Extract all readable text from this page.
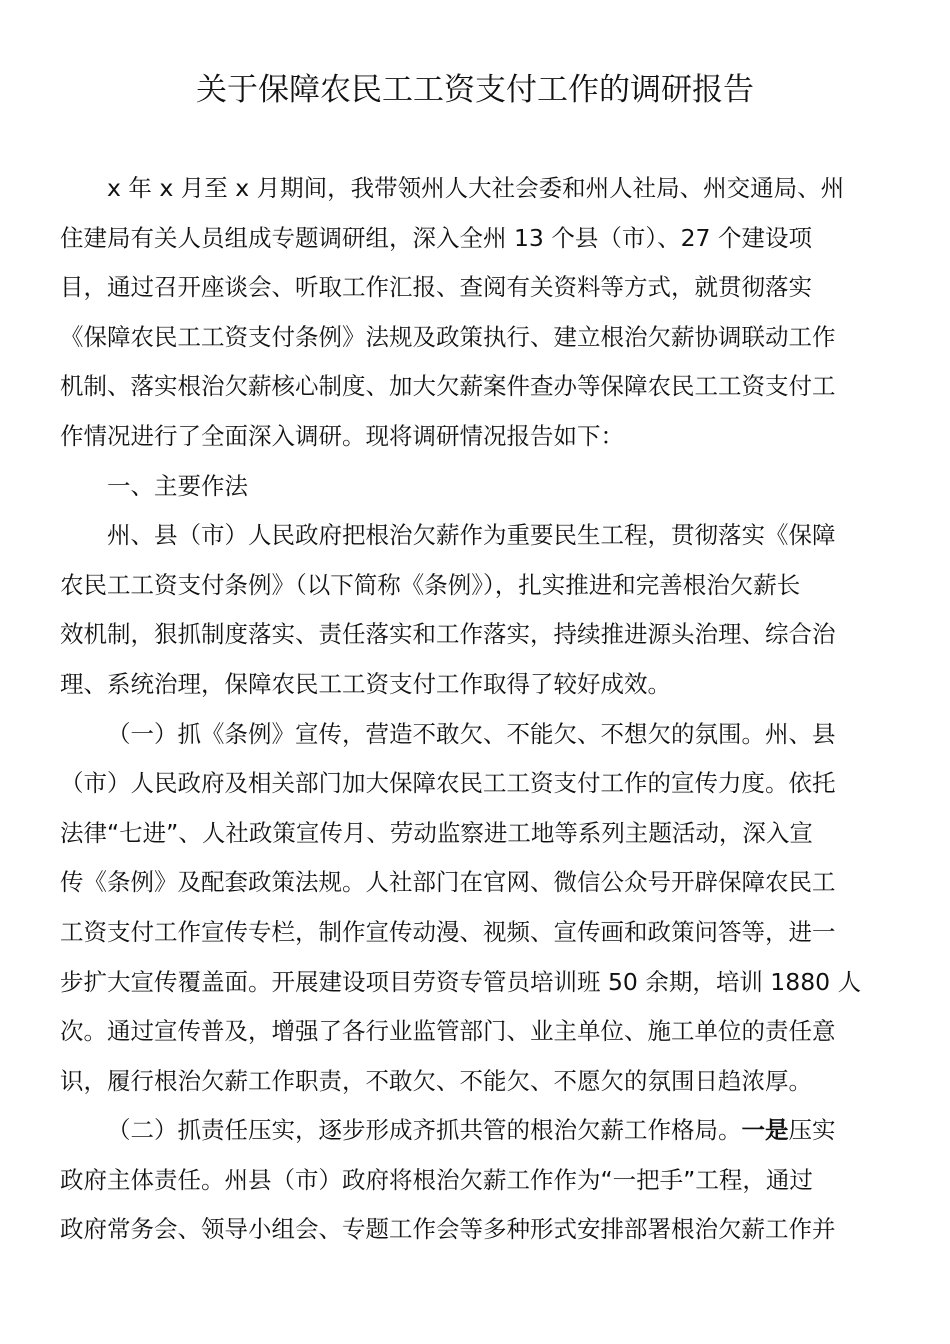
关于保障农民工工资支付工作的调研报告
x 年 x 月至 x 月期间，我带领州人大社会委和州人社局、州交通局、州
住建局有关人员组成专题调研组，深入全州 13 个县（市）、27 个建设项
目，通过召开座谈会、听取工作汇报、查阅有关资料等方式，就贯彻落实
《保障农民工工资支付条例》法规及政策执行、建立根治欠薪协调联动工作
机制、落实根治欠薪核心制度、加大欠薪案件查办等保障农民工工资支付工
作情况进行了全面深入调研。现将调研情况报告如下：
一、主要作法
州、县（市）人民政府把根治欠薪作为重要民生工程，贯彻落实《保障
农民工工资支付条例》（以下简称《条例》），扎实推进和完善根治欠薪长
效机制，狠抓制度落实、责任落实和工作落实，持续推进源头治理、综合治
理、系统治理，保障农民工工资支付工作取得了较好成效。
（一）抓《条例》宣传，营造不敢欠、不能欠、不想欠的氛围。州、县
（市）人民政府及相关部门加大保障农民工工资支付工作的宣传力度。依托
法律“七进”、人社政策宣传月、劳动监察进工地等系列主题活动，深入宣
传《条例》及配套政策法规。人社部门在官网、微信公众号开辟保障农民工
工资支付工作宣传专栏，制作宣传动漫、视频、宣传画和政策问答等，进一
步扩大宣传覆盖面。开展建设项目劳资专管员培训班 50 余期，培训 1880 人
次。通过宣传普及，增强了各行业监管部门、业主单位、施工单位的责任意
识，履行根治欠薪工作职责，不敢欠、不能欠、不愿欠的氛围日趋浓厚。
（二）抓责任压实，逐步形成齐抓共管的根治欠薪工作格局。一是压实
政府主体责任。州县（市）政府将根治欠薪工作作为“一把手”工程，通过
政府常务会、领导小组会、专题工作会等多种形式安排部署根治欠薪工作并
